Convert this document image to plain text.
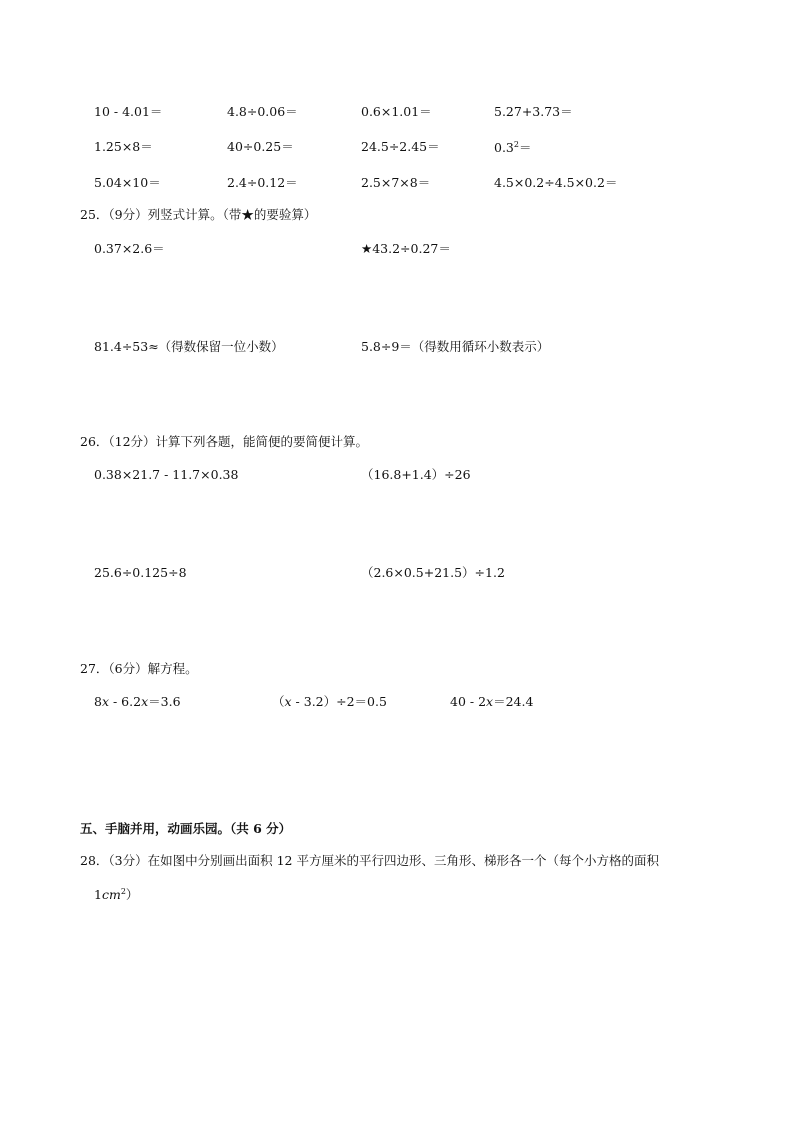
10 - 4.01＝	4.8÷0.06＝	0.6×1.01＝	5.27+3.73＝
1.25×8＝	40÷0.25＝	24.5÷2.45＝	$0.3^2=$
5.04×10＝	2.4÷0.12＝	2.5×7×8＝	4.5×0.2÷4.5×0.2＝
25．（9分）列竖式计算。（带★的要验算）
0.37×2.6＝	★43.2÷0.27＝
81.4÷53≈（得数保留一位小数）	5.8÷9＝（得数用循环小数表示）
26．（12分）计算下列各题，能简便的要简便计算。
0.38×21.7 - 11.7×0.38	（16.8+1.4）÷26
25.6÷0.125÷8	（2.6×0.5+21.5）÷1.2
27．（6分）解方程。
8x - 6.2x＝3.6	（x - 3.2）÷2＝0.5	40 - 2x＝24.4
五、手脑并用，动画乐园。（共 6 分）
28．（3分）在如图中分别画出面积 12 平方厘米的平行四边形、三角形、梯形各一个（每个小方格的面积
$1cm^2$）
